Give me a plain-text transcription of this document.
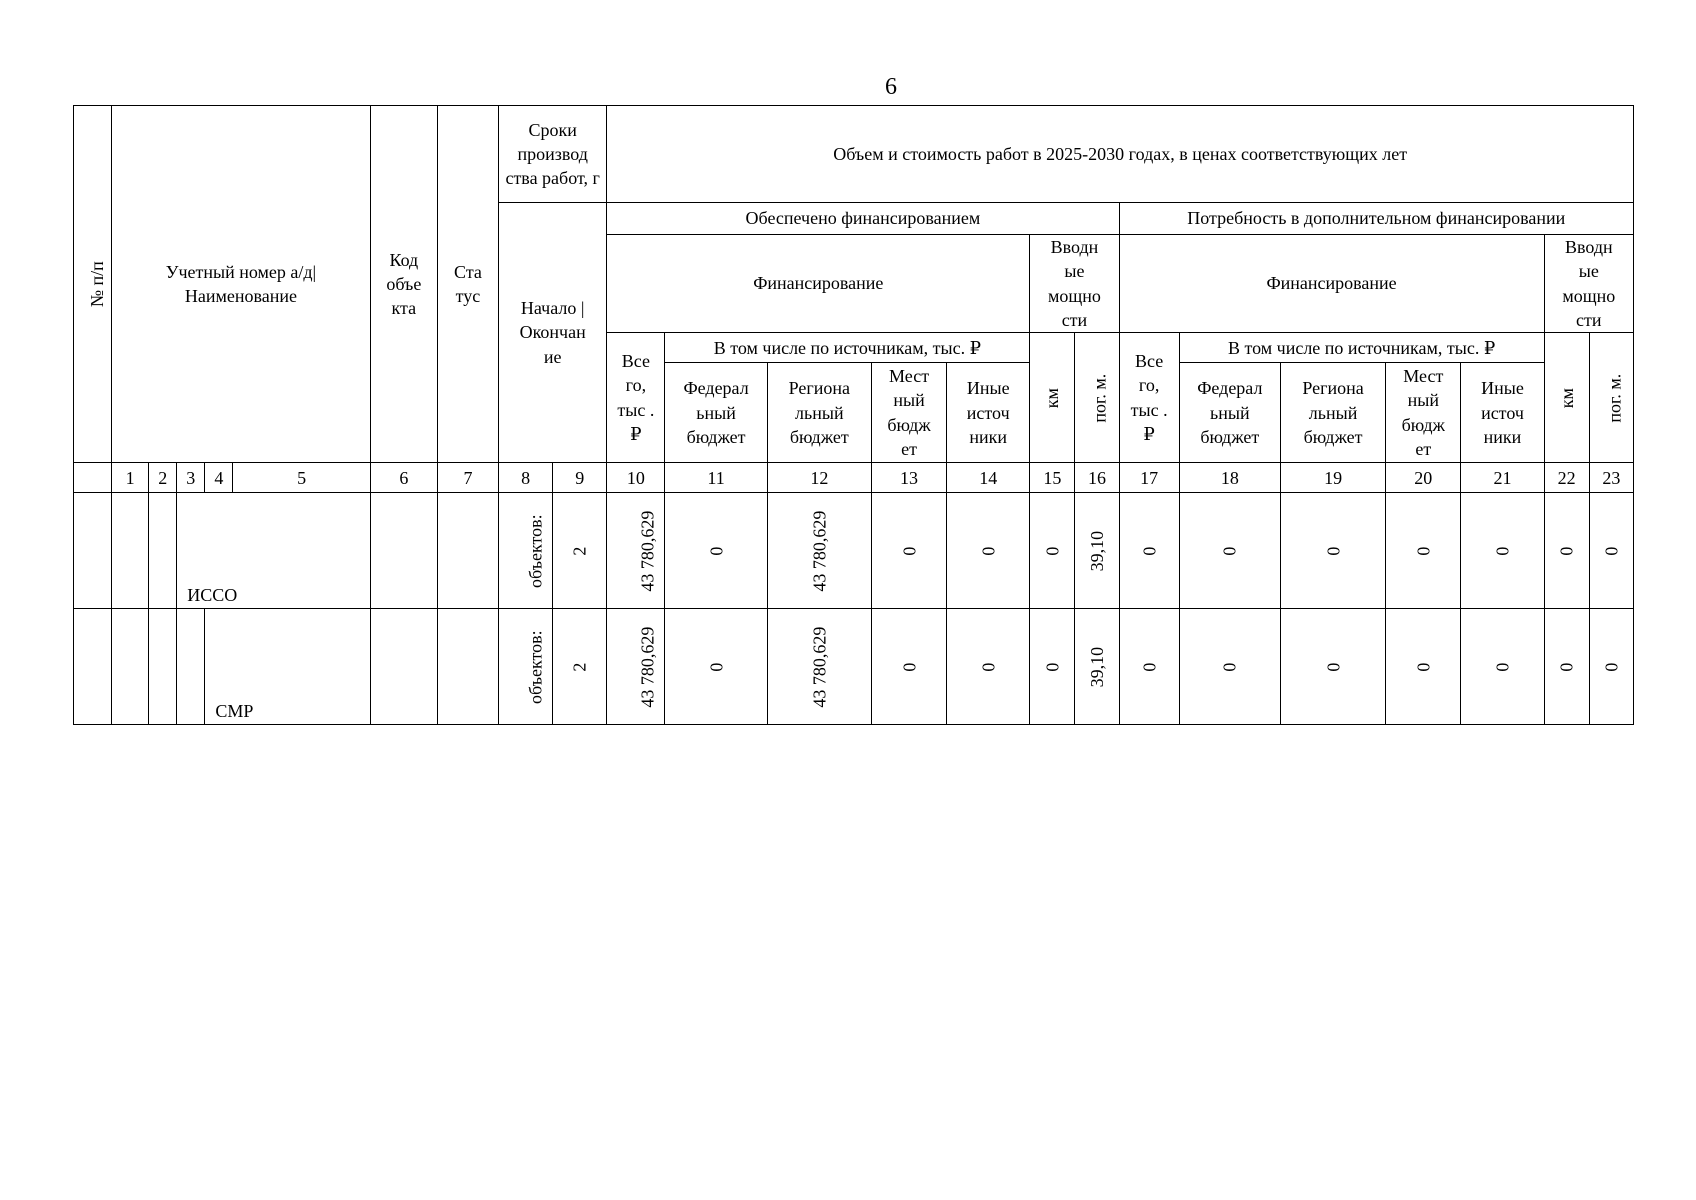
6
№ п/п	Учетный номер а/д| Наименование					Код объе кта	Ста тус	Сроки производ ства работ, г		Объем и стоимость работ в 2025-2030 годах, в ценах соответствующих лет													

								Начало | Окончан ие		Обеспечено финансированием							Потребность в дополнительном финансировании						
										Финансирование					Вводн ые мощно сти		Финансирование					Вводн ые мощно сти	

										Все го, тыс . ₽	В том числе по источникам, тыс. ₽				км	пог. м.	Все го, тыс . ₽	В том числе по источникам, тыс. ₽				км	пог. м.

											Федерал ьный бюджет	Регионa льный бюджет	Мест ный бюдж ет	Иные источ ники				Федерал ьный бюджет	Регионa льный бюджет	Мест ный бюдж ет	Иные источ ники		

	1	2	3	4	5	6	7	8	9	10	11	12	13	14	15	16	17	18	19	20	21	22	23

			ИССО					объектов:	2	43 780,629	0	43 780,629	0	0	0	39,10	0	0	0	0	0	0	0

				СМР				объектов:	2	43 780,629	0	43 780,629	0	0	0	39,10	0	0	0	0	0	0	0
